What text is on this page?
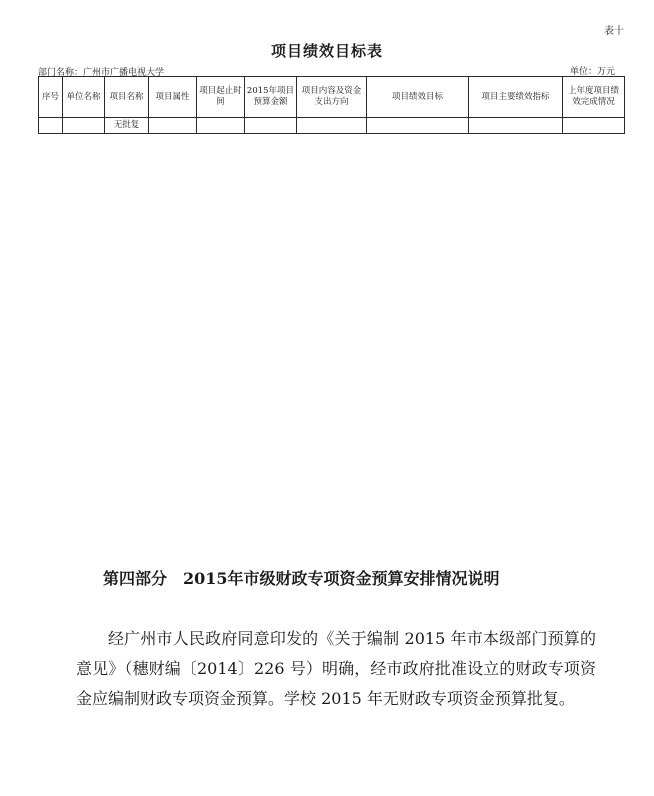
表十
项目绩效目标表
部门名称：广州市广播电视大学	单位：万元
序号	单位名称	项目名称	项目属性	项目起止时间	2015年项目预算金额	项目内容及资金支出方向	项目绩效目标	项目主要绩效指标	上年度项目绩效完成情况
		无批复							
第四部分　2015年市级财政专项资金预算安排情况说明

经广州市人民政府同意印发的《关于编制 2015 年市本级部门预算的意见》（穗财编〔2014〕226 号）明确，经市政府批准设立的财政专项资金应编制财政专项资金预算。学校 2015 年无财政专项资金预算批复。
